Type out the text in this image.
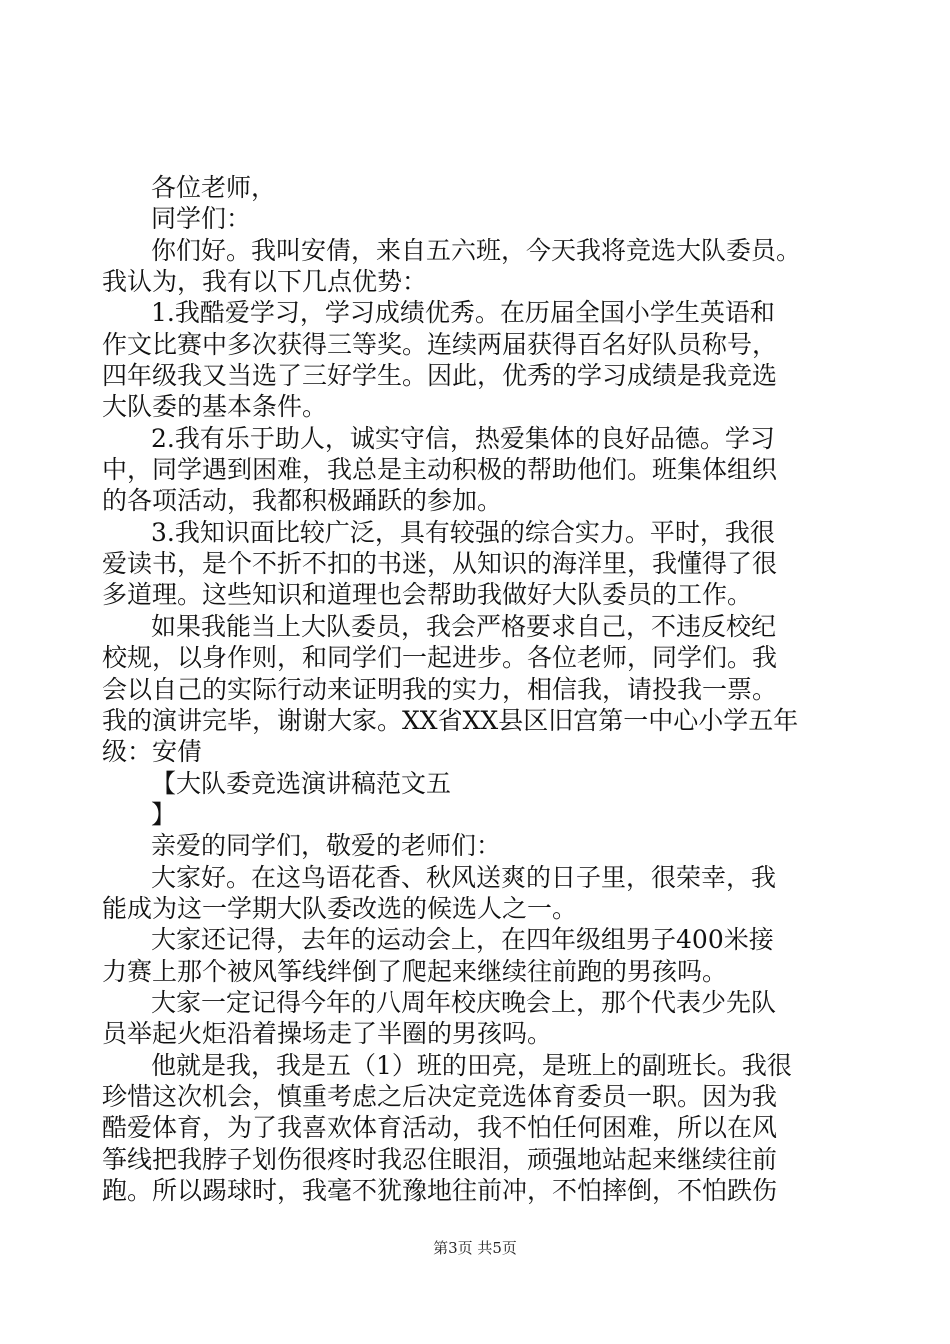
各位老师，
同学们：
你们好。我叫安倩，来自五六班，今天我将竞选大队委员。
我认为，我有以下几点优势：
1.我酷爱学习，学习成绩优秀。在历届全国小学生英语和
作文比赛中多次获得三等奖。连续两届获得百名好队员称号，
四年级我又当选了三好学生。因此，优秀的学习成绩是我竞选
大队委的基本条件。
2.我有乐于助人，诚实守信，热爱集体的良好品德。学习
中，同学遇到困难，我总是主动积极的帮助他们。班集体组织
的各项活动，我都积极踊跃的参加。
3.我知识面比较广泛，具有较强的综合实力。平时，我很
爱读书，是个不折不扣的书迷，从知识的海洋里，我懂得了很
多道理。这些知识和道理也会帮助我做好大队委员的工作。
如果我能当上大队委员，我会严格要求自己，不违反校纪
校规，以身作则，和同学们一起进步。各位老师，同学们。我
会以自己的实际行动来证明我的实力，相信我，请投我一票。
我的演讲完毕，谢谢大家。XX省XX县区旧宫第一中心小学五年
级：安倩
【大队委竞选演讲稿范文五
】
亲爱的同学们，敬爱的老师们：
大家好。在这鸟语花香、秋风送爽的日子里，很荣幸，我
能成为这一学期大队委改选的候选人之一。
大家还记得，去年的运动会上，在四年级组男子400米接
力赛上那个被风筝线绊倒了爬起来继续往前跑的男孩吗。
大家一定记得今年的八周年校庆晚会上，那个代表少先队
员举起火炬沿着操场走了半圈的男孩吗。
他就是我，我是五（1）班的田亮，是班上的副班长。我很
珍惜这次机会，慎重考虑之后决定竞选体育委员一职。因为我
酷爱体育，为了我喜欢体育活动，我不怕任何困难，所以在风
筝线把我脖子划伤很疼时我忍住眼泪，顽强地站起来继续往前
跑。所以踢球时，我毫不犹豫地往前冲，不怕摔倒，不怕跌伤
第3页 共5页
